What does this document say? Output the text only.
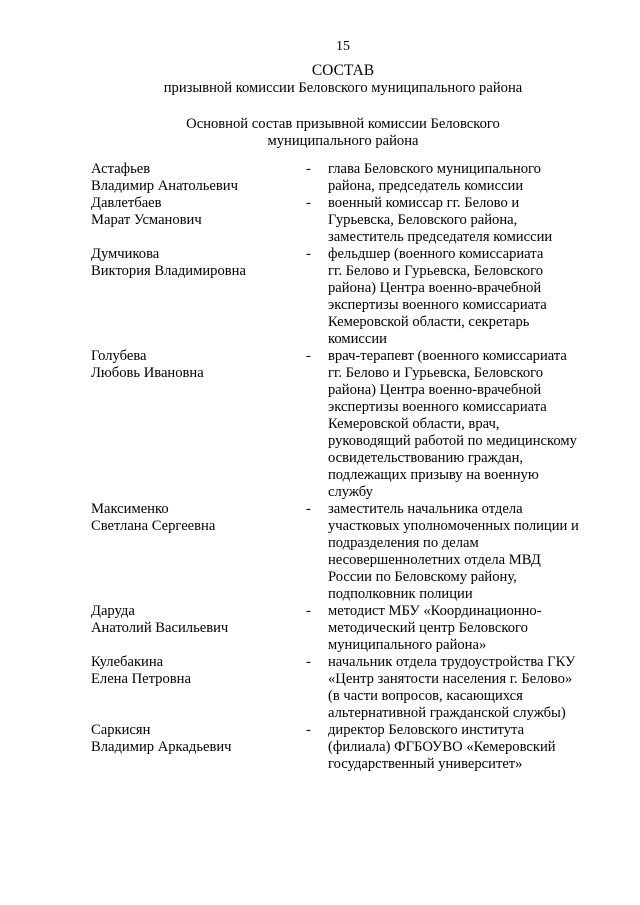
15
СОСТАВ
призывной комиссии Беловского муниципального района
Основной состав призывной комиссии Беловского
муниципального района
Астафьев
Владимир Анатольевич
-	глава Беловского муниципального
района, председатель комиссии
Давлетбаев
Марат Усманович
-	военный комиссар гг. Белово и
Гурьевска, Беловского района,
заместитель председателя комиссии
Думчикова
Виктория Владимировна
-	фельдшер (военного комиссариата
гг. Белово и Гурьевска, Беловского
района) Центра военно-врачебной
экспертизы военного комиссариата
Кемеровской области, секретарь
комиссии
Голубева
Любовь Ивановна
-	врач-терапевт (военного комиссариата
гг. Белово и Гурьевска, Беловского
района) Центра военно-врачебной
экспертизы военного комиссариата
Кемеровской области, врач,
руководящий работой по медицинскому
освидетельствованию граждан,
подлежащих призыву на военную
службу
Максименко
Светлана Сергеевна
-	заместитель начальника отдела
участковых уполномоченных полиции и
подразделения по делам
несовершеннолетних отдела МВД
России по Беловскому району,
подполковник полиции
Даруда
Анатолий Васильевич
-	методист МБУ «Координационно-
методический центр Беловского
муниципального района»
Кулебакина
Елена Петровна
-	начальник отдела трудоустройства ГКУ
«Центр занятости населения г. Белово»
(в части вопросов, касающихся
альтернативной гражданской службы)
Саркисян
Владимир Аркадьевич
-	директор Беловского института
(филиала) ФГБОУВО «Кемеровский
государственный университет»
